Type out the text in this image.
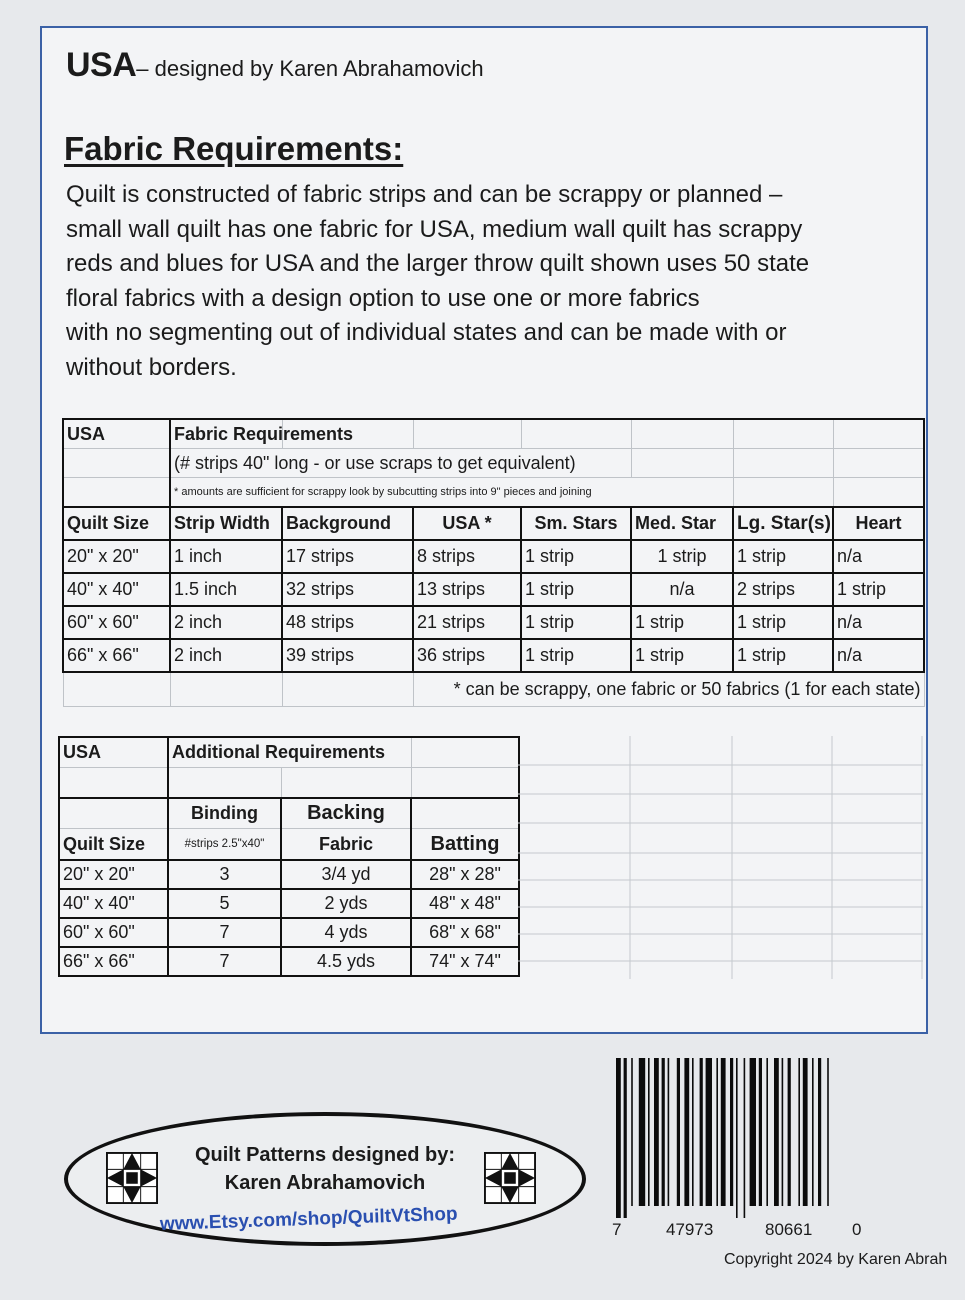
USA– designed by Karen Abrahamovich
Fabric Requirements:
Quilt is constructed of fabric strips and can be scrappy or planned –
small wall quilt has one fabric for USA, medium wall quilt has scrappy
reds and blues for USA and the larger throw quilt shown uses 50 state
floral fabrics with a design option to use one or more fabrics
with no segmenting out of individual states and can be made with or
without borders.
USA	Fabric Requirements						
	(# strips 40" long - or use scraps to get equivalent)						
	* amounts are sufficient for scrappy look by subcutting strips into 9" pieces and joining						
Quilt Size	Strip Width	Background	USA *	Sm. Stars	Med. Star	Lg. Star(s)	Heart
20" x 20"	1 inch	17 strips	8 strips	1 strip	1 strip	1 strip	n/a
40" x 40"	1.5 inch	32 strips	13 strips	1 strip	n/a	2 strips	1 strip
60" x 60"	2 inch	48 strips	21 strips	1 strip	1 strip	1 strip	n/a
66" x 66"	2 inch	39 strips	36 strips	1 strip	1 strip	1 strip	n/a
			* can be scrappy, one fabric or 50 fabrics (1 for each state)				
USA	Additional Requirements		

	Binding	Backing	
Quilt Size	#strips 2.5"x40"	Fabric	Batting
20" x 20"	3	3/4 yd	28" x 28"
40" x 40"	5	2 yds	48" x 48"
60" x 60"	7	4 yds	68" x 68"
66" x 66"	7	4.5 yds	74" x 74"
Quilt Patterns designed by:
Karen Abrahamovich
www.Etsy.com/shop/QuiltVtShop	7	47973	80661 0
Copyright 2024 by Karen Abrah
